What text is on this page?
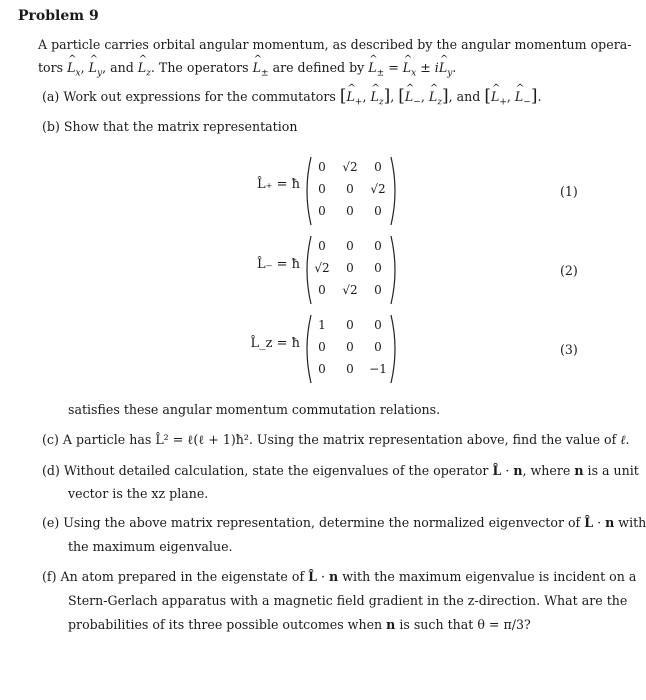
Problem 9
A particle carries orbital angular momentum, as described by the angular momentum opera-
tors ^ $L_x$, ^ $L_y$, and ^ $L_z$. The operators ^ $L_\pm$ are defined by ^ $L_\pm$ = ^ $L_x$ ± i^ $L_y$.
(a) Work out expressions for the commutators [^ $L_+$, ^ $L_z$], [^ $L_-$, ^ $L_z$], and [^ $L_+$, ^ $L_-$].
(b) Show that the matrix representation
L̂₊ = ħ
0	√2	0
0	0	√2
0	0	0
(1)
L̂₋ = ħ
0	0	0
√2	0	0
0	√2	0
(2)
L̂_z = ħ
1	0	0
0	0	0
0	0	−1
(3)
satisfies these angular momentum commutation relations.
(c) A particle has L̂² = ℓ(ℓ + 1)ħ². Using the matrix representation above, find the value of ℓ.
(d) Without detailed calculation, state the eigenvalues of the operator L̂ · n, where n is a unit
vector is the xz plane.
(e) Using the above matrix representation, determine the normalized eigenvector of L̂ · n with
the maximum eigenvalue.
(f) An atom prepared in the eigenstate of L̂ · n with the maximum eigenvalue is incident on a
Stern-Gerlach apparatus with a magnetic field gradient in the z-direction. What are the
probabilities of its three possible outcomes when n is such that θ = π/3?
